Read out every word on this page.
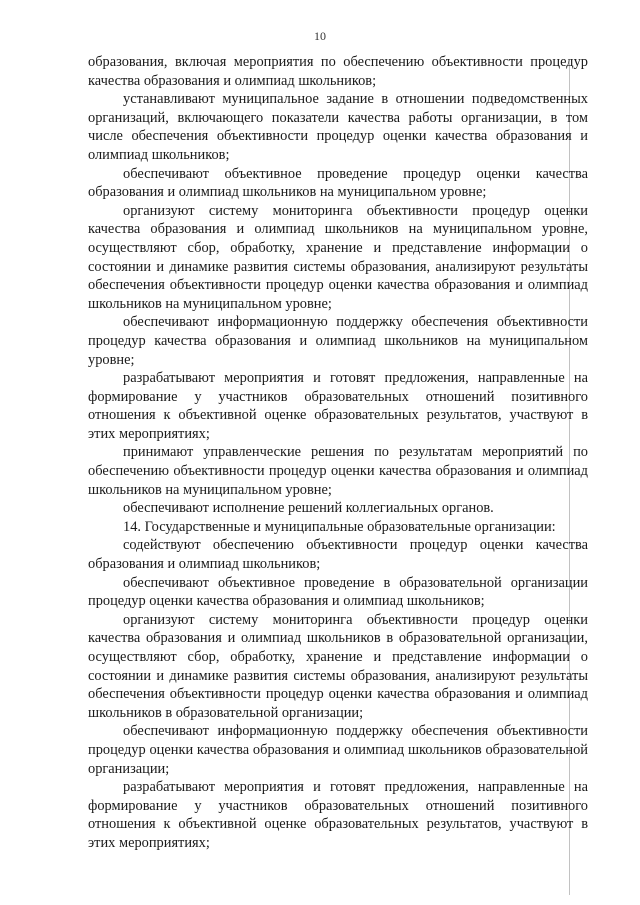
10

образования, включая мероприятия по обеспечению объективности процедур качества образования и олимпиад школьников;

устанавливают муниципальное задание в отношении подведомственных организаций, включающего показатели качества работы организации, в том числе обеспечения объективности процедур оценки качества образования и олимпиад школьников;

обеспечивают объективное проведение процедур оценки качества образования и олимпиад школьников на муниципальном уровне;

организуют систему мониторинга объективности процедур оценки качества образования и олимпиад школьников на муниципальном уровне, осуществляют сбор, обработку, хранение и представление информации о состоянии и динамике развития системы образования, анализируют результаты обеспечения объективности процедур оценки качества образования и олимпиад школьников на муниципальном уровне;

обеспечивают информационную поддержку обеспечения объективности процедур качества образования и олимпиад школьников на муниципальном уровне;

разрабатывают мероприятия и готовят предложения, направленные на формирование у участников образовательных отношений позитивного отношения к объективной оценке образовательных результатов, участвуют в этих мероприятиях;

принимают управленческие решения по результатам мероприятий по обеспечению объективности процедур оценки качества образования и олимпиад школьников на муниципальном уровне;

обеспечивают исполнение решений коллегиальных органов.

14. Государственные и муниципальные образовательные организации:

содействуют обеспечению объективности процедур оценки качества образования и олимпиад школьников;

обеспечивают объективное проведение в образовательной организации процедур оценки качества образования и олимпиад школьников;

организуют систему мониторинга объективности процедур оценки качества образования и олимпиад школьников в образовательной организации, осуществляют сбор, обработку, хранение и представление информации о состоянии и динамике развития системы образования, анализируют результаты обеспечения объективности процедур оценки качества образования и олимпиад школьников в образовательной организации;

обеспечивают информационную поддержку обеспечения объективности процедур оценки качества образования и олимпиад школьников образовательной организации;

разрабатывают мероприятия и готовят предложения, направленные на формирование у участников образовательных отношений позитивного отношения к объективной оценке образовательных результатов, участвуют в этих мероприятиях;
